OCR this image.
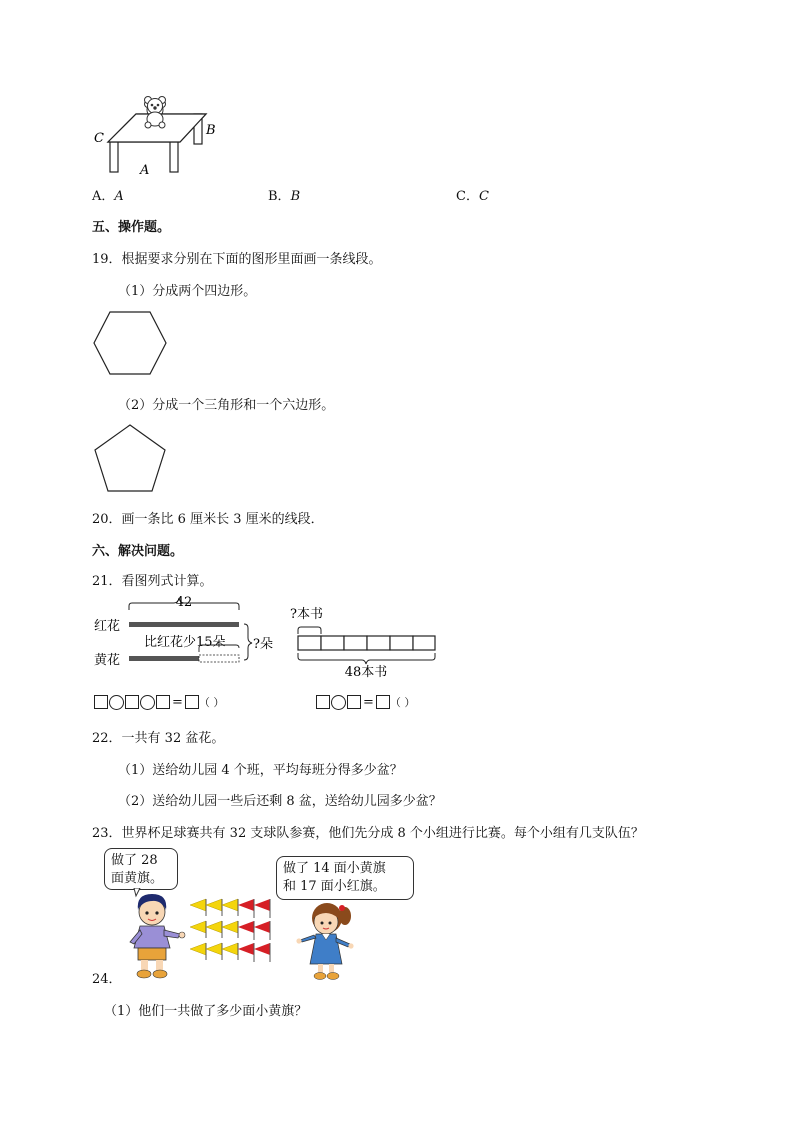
C
B
A
A．A	B．B	C．C
五、操作题。
19．根据要求分别在下面的图形里面画一条线段。
（1）分成两个四边形。
（2）分成一个三角形和一个六边形。
20．画一条比 6 厘米长 3 厘米的线段．
六、解决问题。
21．看图列式计算。
42
红花
比红花少15朵
黄花
?朵
?本书
48本书
= （ ）	= （ ）
22．一共有 32 盆花。
（1）送给幼儿园 4 个班，平均每班分得多少盆？
（2）送给幼儿园一些后还剩 8 盆，送给幼儿园多少盆？
23．世界杯足球赛共有 32 支球队参赛，他们先分成 8 个小组进行比赛。每个小组有几支队伍？
做了 28
面黄旗。
做了 14 面小黄旗
和 17 面小红旗。
24．
（1）他们一共做了多少面小黄旗？
